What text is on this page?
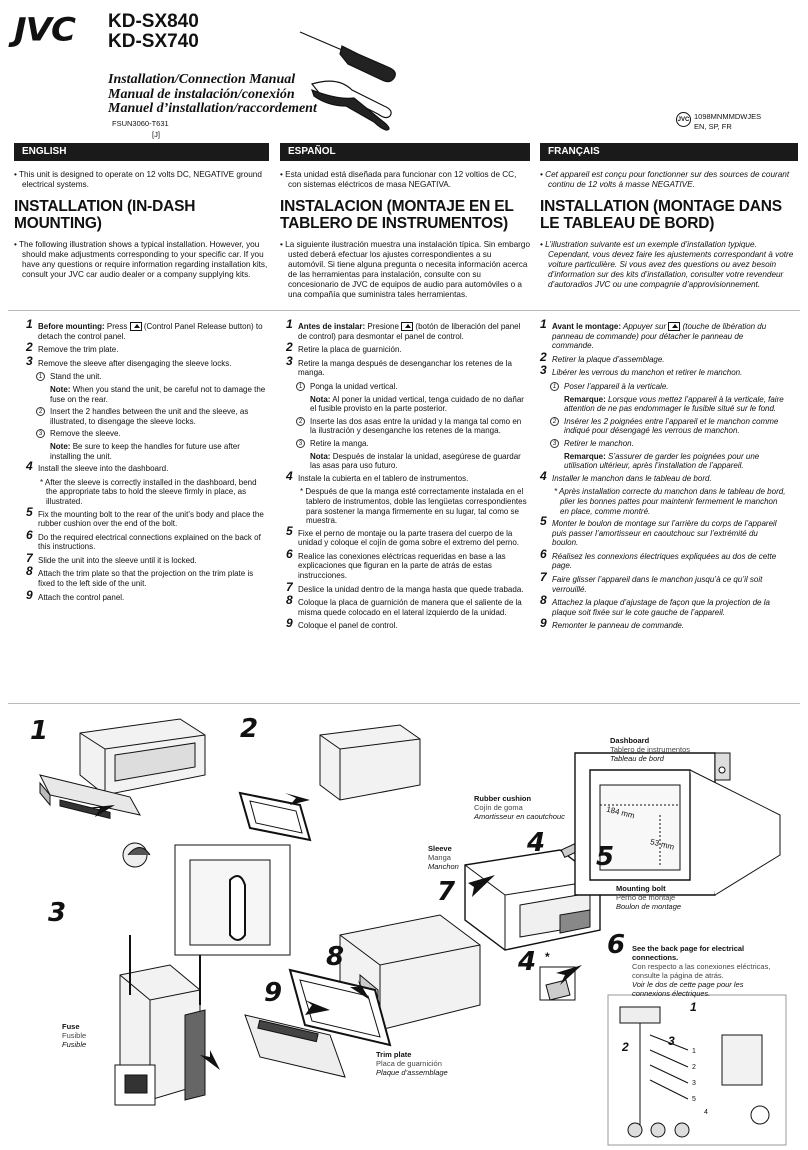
JVC KD-SX840
KD-SX740
Installation/Connection Manual
Manual de instalación/conexión
Manuel d’installation/raccordement
FSUN3060-T631
[J]
JVC 1098MNMMDWJES
EN, SP, FR
ENGLISH	ESPAÑOL	FRANÇAIS

• This unit is designed to operate on 12 volts DC, NEGATIVE ground electrical systems.

INSTALLATION (IN-DASH MOUNTING)

• The following illustration shows a typical installation. However, you should make adjustments corresponding to your specific car. If you have any questions or require information regarding installation kits, consult your JVC car audio dealer or a company supplying kits.

• Esta unidad está diseñada para funcionar con 12 voltios de CC, con sistemas eléctricos de masa NEGATIVA.

INSTALACION (MONTAJE EN EL TABLERO DE INSTRUMENTOS)

• La siguiente ilustración muestra una instalación típica. Sin embargo usted deberá efectuar los ajustes correspondientes a su automóvil. Si tiene alguna pregunta o necesita información acerca de las herramientas para instalación, consulte con su concesionario de JVC de equipos de audio para automóviles o a una compañía que suministra tales herramientas.

• Cet appareil est conçu pour fonctionner sur des sources de courant continu de 12 volts à masse NEGATIVE.

INSTALLATION (MONTAGE DANS LE TABLEAU DE BORD)

• L’illustration suivante est un exemple d’installation typique. Cependant, vous devez faire les ajustements correspondant à votre voiture particulière. Si vous avez des questions ou avez besoin d’information sur des kits d’installation, consulter votre revendeur d’autoradios JVC ou une compagnie d’approvisionnement.

1 Before mounting: Press (Control Panel Release button) to detach the control panel.
2 Remove the trim plate.
3 Remove the sleeve after disengaging the sleeve locks.
1 Stand the unit.
Note: When you stand the unit, be careful not to damage the fuse on the rear.
2 Insert the 2 handles between the unit and the sleeve, as illustrated, to disengage the sleeve locks.
3 Remove the sleeve.
Note: Be sure to keep the handles for future use after installing the unit.
4 Install the sleeve into the dashboard.
* After the sleeve is correctly installed in the dashboard, bend the appropriate tabs to hold the sleeve firmly in place, as illustrated.
5 Fix the mounting bolt to the rear of the unit’s body and place the rubber cushion over the end of the bolt.
6 Do the required electrical connections explained on the back of this instructions.
7 Slide the unit into the sleeve until it is locked.
8 Attach the trim plate so that the projection on the trim plate is fixed to the left side of the unit.
9 Attach the control panel.
1 Antes de instalar: Presione (botón de liberación del panel de control) para desmontar el panel de control.
2 Retire la placa de guarnición.
3 Retire la manga después de desenganchar los retenes de la manga.
1 Ponga la unidad vertical.
Nota: Al poner la unidad vertical, tenga cuidado de no dañar el fusible provisto en la parte posterior.
2 Inserte las dos asas entre la unidad y la manga tal como en la ilustración y desenganche los retenes de la manga.
3 Retire la manga.
Nota: Después de instalar la unidad, asegúrese de guardar las asas para uso futuro.
4 Instale la cubierta en el tablero de instrumentos.
* Después de que la manga esté correctamente instalada en el tablero de instrumentos, doble las lengüetas correspondientes para sostener la manga firmemente en su lugar, tal como se muestra.
5 Fixe el perno de montaje ou la parte trasera del cuerpo de la unidad y coloque el cojín de goma sobre el extremo del perno.
6 Realice las conexiones eléctricas requeridas en base a las explicaciones que figuran en la parte de atrás de estas instrucciones.
7 Deslice la unidad dentro de la manga hasta que quede trabada.
8 Coloque la placa de guarnición de manera que el saliente de la misma quede colocado en el lateral izquierdo de la unidad.
9 Coloque el panel de control.
1 Avant le montage: Appuyer sur (touche de libération du panneau de commande) pour détacher le panneau de commande.
2 Retirer la plaque d’assemblage.
3 Libérer les verrous du manchon et retirer le manchon.
1 Poser l’appareil à la verticale.
Remarque: Lorsque vous mettez l’appareil à la verticale, faire attention de ne pas endommager le fusible situé sur le fond.
2 Insérer les 2 poignées entre l’appareil et le manchon comme indiqué pour désengagé les verrous de manchon.
3 Retirer le manchon.
Remarque: S’assurer de garder les poignées pour une utilisation ultérieur, après l’installation de l’appareil.
4 Installer le manchon dans le tableau de bord.
* Après installation correcte du manchon dans le tableau de bord, plier les bonnes pattes pour maintenir fermement le manchon en place, comme montré.
5 Monter le boulon de montage sur l’arrière du corps de l’appareil puis passer l’amortisseur en caoutchouc sur l’extrémité du boulon.
6 Réalisez les connexions électriques expliquées au dos de cette page.
7 Faire glisser l’appareil dans le manchon jusqu’à ce qu’il soit verrouillé.
8 Attachez la plaque d’ajustage de façon que la projection de la plaque soit fixée sur le cote gauche de l’appareil.
9 Remonter le panneau de commande.
1	2
3
4 5
7
8
9
4 * 6
184 mm
53 mm
Dashboard
Tablero de instrumentos
Tableau de bord
Rubber cushion
Cojín de goma
Amortisseur en caoutchouc
Sleeve
Manga
Manchon
Mounting bolt
Perno de montaje
Boulon de montage
See the back page for electrical connections.
Con respecto a las conexiones eléctricas, consulte la página de atrás.
Voir le dos de cette page pour les connexions électriques.
Fuse
Fusible
Fusible
Trim plate
Placa de guarnición
Plaque d’assemblage
1
2	3
1
2
3
5
4
